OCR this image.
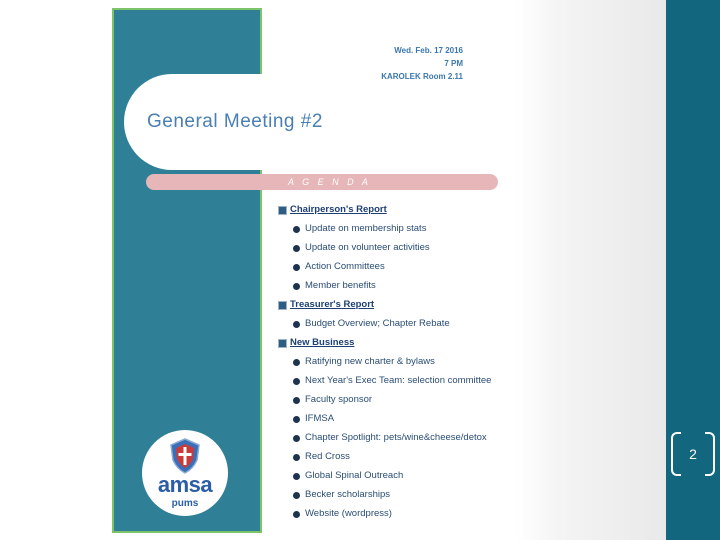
Wed. Feb. 17 2016
7 PM
KAROLEK Room 2.11
General Meeting #2
A G E N D A
Chairperson's Report
Update on membership stats
Update on volunteer activities
Action Committees
Member benefits
Treasurer's Report
Budget Overview; Chapter Rebate
New Business
Ratifying new charter & bylaws
Next Year's Exec Team: selection committee
Faculty sponsor
IFMSA
Chapter Spotlight: pets/wine&cheese/detox
Red Cross
Global Spinal Outreach
Becker scholarships
Website (wordpress)
amsa
pums
2
